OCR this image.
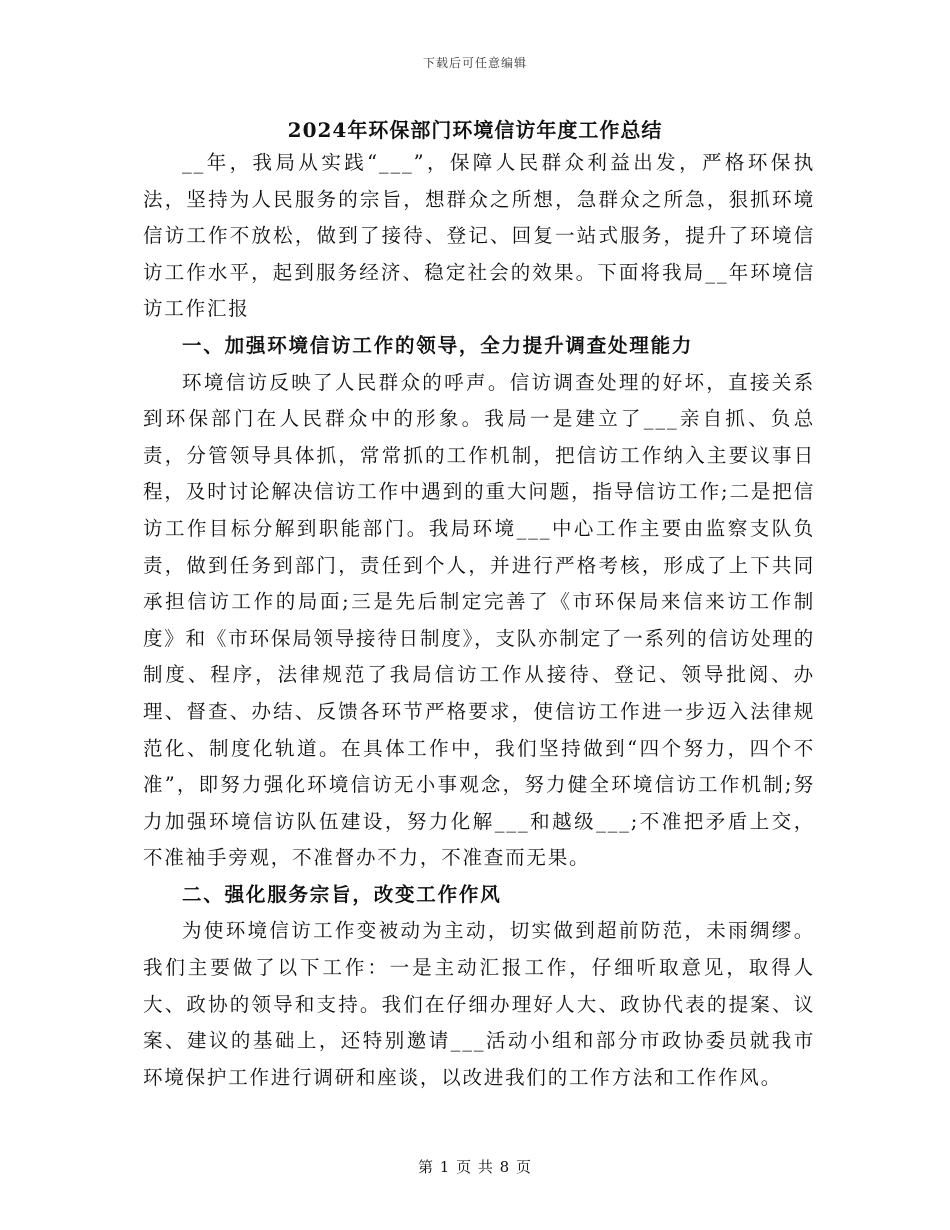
下载后可任意编辑
2024年环保部门环境信访年度工作总结

__年，我局从实践“___”，保障人民群众利益出发，严格环保执法，坚持为人民服务的宗旨，想群众之所想，急群众之所急，狠抓环境信访工作不放松，做到了接待、登记、回复一站式服务，提升了环境信访工作水平，起到服务经济、稳定社会的效果。下面将我局__年环境信访工作汇报

一、加强环境信访工作的领导，全力提升调查处理能力

环境信访反映了人民群众的呼声。信访调查处理的好坏，直接关系到环保部门在人民群众中的形象。我局一是建立了___亲自抓、负总责，分管领导具体抓，常常抓的工作机制，把信访工作纳入主要议事日程，及时讨论解决信访工作中遇到的重大问题，指导信访工作;二是把信访工作目标分解到职能部门。我局环境___中心工作主要由监察支队负责，做到任务到部门，责任到个人，并进行严格考核，形成了上下共同承担信访工作的局面;三是先后制定完善了《市环保局来信来访工作制度》和《市环保局领导接待日制度》，支队亦制定了一系列的信访处理的制度、程序，法律规范了我局信访工作从接待、登记、领导批阅、办理、督查、办结、反馈各环节严格要求，使信访工作进一步迈入法律规范化、制度化轨道。在具体工作中，我们坚持做到“四个努力，四个不准”，即努力强化环境信访无小事观念，努力健全环境信访工作机制;努力加强环境信访队伍建设，努力化解___和越级___;不准把矛盾上交，不准袖手旁观，不准督办不力，不准查而无果。

二、强化服务宗旨，改变工作作风

为使环境信访工作变被动为主动，切实做到超前防范，未雨绸缪。我们主要做了以下工作：一是主动汇报工作，仔细听取意见，取得人大、政协的领导和支持。我们在仔细办理好人大、政协代表的提案、议案、建议的基础上，还特别邀请___活动小组和部分市政协委员就我市环境保护工作进行调研和座谈，以改进我们的工作方法和工作作风。

第 1 页 共 8 页
